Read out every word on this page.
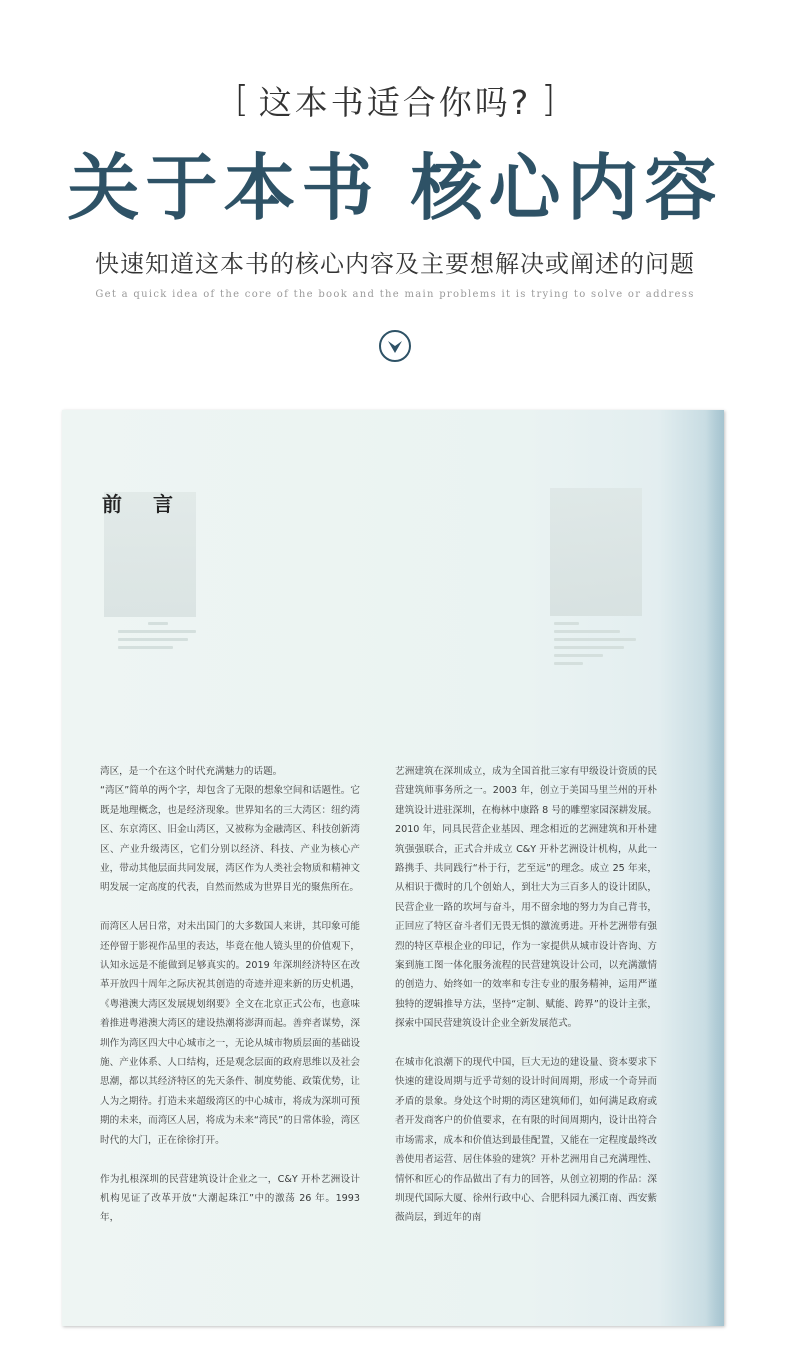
[ 这本书适合你吗? ]
关于本书 核心内容
快速知道这本书的核心内容及主要想解决或阐述的问题
Get a quick idea of the core of the book and the main problems it is trying to solve or address
前 言

湾区，是一个在这个时代充满魅力的话题。

“湾区”简单的两个字，却包含了无限的想象空间和话题性。它既是地理概念，也是经济现象。世界知名的三大湾区：纽约湾区、东京湾区、旧金山湾区，又被称为金融湾区、科技创新湾区、产业升级湾区，它们分别以经济、科技、产业为核心产业，带动其他层面共同发展，湾区作为人类社会物质和精神文明发展一定高度的代表，自然而然成为世界目光的聚焦所在。

而湾区人居日常，对未出国门的大多数国人来讲，其印象可能还停留于影视作品里的表达，毕竟在他人镜头里的价值观下，认知永远是不能做到足够真实的。2019 年深圳经济特区在改革开放四十周年之际庆祝其创造的奇迹并迎来新的历史机遇，《粤港澳大湾区发展规划纲要》全文在北京正式公布，也意味着推进粤港澳大湾区的建设热潮将澎湃而起。善弈者谋势，深圳作为湾区四大中心城市之一，无论从城市物质层面的基础设施、产业体系、人口结构，还是观念层面的政府思维以及社会思潮，都以其经济特区的先天条件、制度势能、政策优势，让人为之期待。打造未来超级湾区的中心城市，将成为深圳可预期的未来，而湾区人居，将成为未来“湾民”的日常体验，湾区时代的大门，正在徐徐打开。

作为扎根深圳的民营建筑设计企业之一，C&Y 开朴艺洲设计机构见证了改革开放“大潮起珠江”中的激荡 26 年。1993 年，

艺洲建筑在深圳成立，成为全国首批三家有甲级设计资质的民营建筑师事务所之一。2003 年，创立于美国马里兰州的开朴建筑设计进驻深圳，在梅林中康路 8 号的雕塑家园深耕发展。2010 年，同具民营企业基因、理念相近的艺洲建筑和开朴建筑强强联合，正式合并成立 C&Y 开朴艺洲设计机构，从此一路携手、共同践行“朴于行，艺至远”的理念。成立 25 年来，从相识于微时的几个创始人，到壮大为三百多人的设计团队，民营企业一路的坎坷与奋斗，用不留余地的努力为自己背书，正回应了特区奋斗者们无畏无惧的激流勇进。开朴艺洲带有强烈的特区草根企业的印记，作为一家提供从城市设计咨询、方案到施工图一体化服务流程的民营建筑设计公司，以充满激情的创造力、始终如一的效率和专注专业的服务精神，运用严谨独特的逻辑推导方法，坚持“定制、赋能、跨界”的设计主张，探索中国民营建筑设计企业全新发展范式。

在城市化浪潮下的现代中国，巨大无边的建设量、资本要求下快速的建设周期与近乎苛刻的设计时间周期，形成一个奇异而矛盾的景象。身处这个时期的湾区建筑师们，如何满足政府或者开发商客户的价值要求，在有限的时间周期内，设计出符合市场需求，成本和价值达到最佳配置，又能在一定程度最终改善使用者运营、居住体验的建筑？开朴艺洲用自己充满理性、情怀和匠心的作品做出了有力的回答，从创立初期的作品：深圳现代国际大厦、徐州行政中心、合肥科园九溪江南、西安紫薇尚层，到近年的南
